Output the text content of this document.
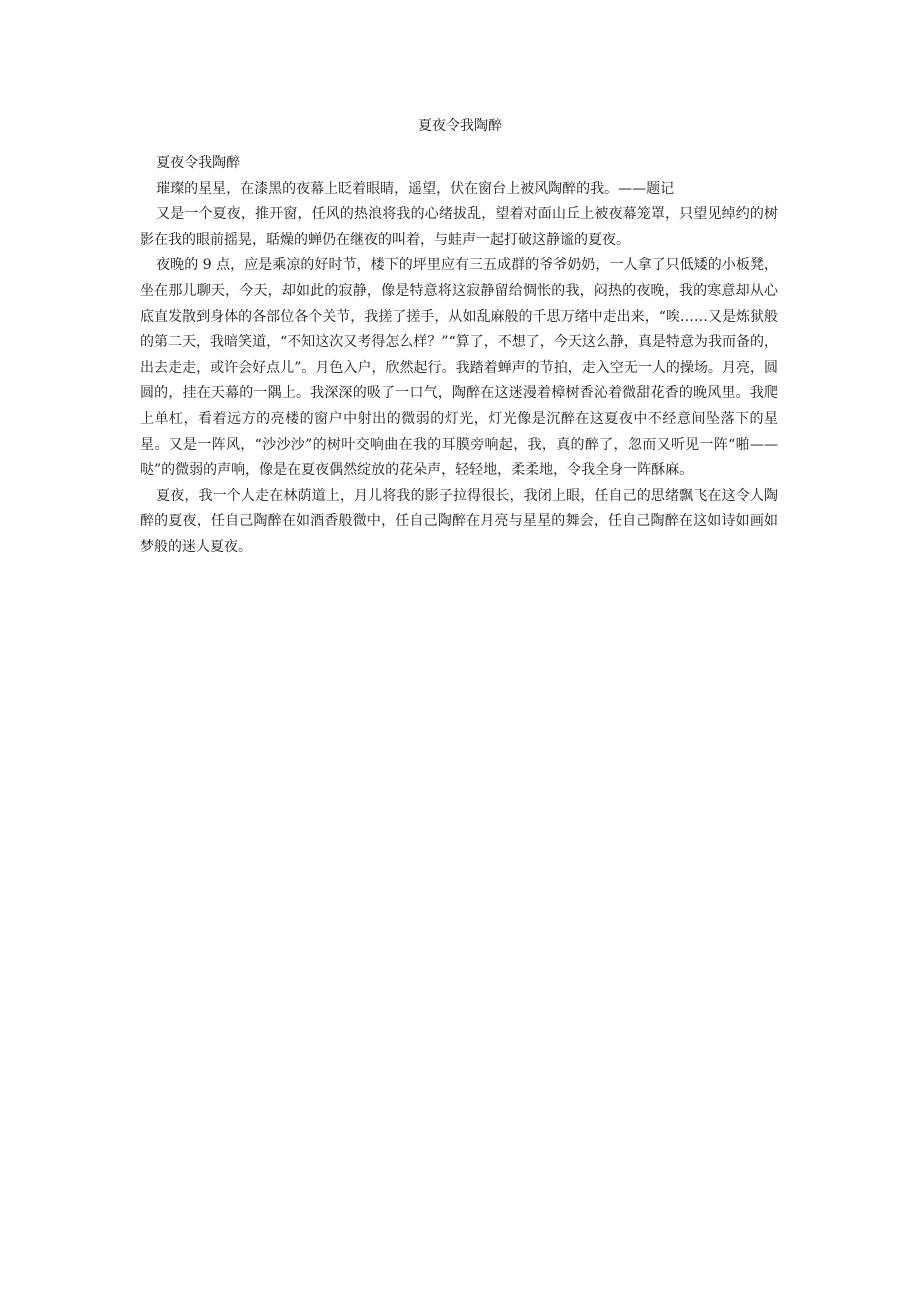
夏夜令我陶醉

夏夜令我陶醉

璀璨的星星，在漆黑的夜幕上眨着眼睛，遥望，伏在窗台上被风陶醉的我。——题记

又是一个夏夜，推开窗，任风的热浪将我的心绪拔乱，望着对面山丘上被夜幕笼罩，只望见绰约的树影在我的眼前摇晃，聒燥的蝉仍在继夜的叫着，与蛙声一起打破这静谧的夏夜。

夜晚的 9 点，应是乘凉的好时节，楼下的坪里应有三五成群的爷爷奶奶，一人拿了只低矮的小板凳，坐在那儿聊天，今天，却如此的寂静，像是特意将这寂静留给惆怅的我，闷热的夜晚，我的寒意却从心底直发散到身体的各部位各个关节，我搓了搓手，从如乱麻般的千思万绪中走出来，“唉……又是炼狱般的第二天，我暗笑道，“不知这次又考得怎么样？”“算了，不想了，今天这么静，真是特意为我而备的，出去走走，或许会好点儿”。月色入户，欣然起行。我踏着蝉声的节拍，走入空无一人的操场。月亮，圆圆的，挂在天幕的一隅上。我深深的吸了一口气，陶醉在这迷漫着樟树香沁着微甜花香的晚风里。我爬上单杠，看着远方的亮楼的窗户中射出的微弱的灯光，灯光像是沉醉在这夏夜中不经意间坠落下的星星。又是一阵风，“沙沙沙”的树叶交响曲在我的耳膜旁响起，我，真的醉了，忽而又听见一阵“啪——哒”的微弱的声响，像是在夏夜偶然绽放的花朵声，轻轻地，柔柔地，令我全身一阵酥麻。

夏夜，我一个人走在林荫道上，月儿将我的影子拉得很长，我闭上眼，任自己的思绪飘飞在这令人陶醉的夏夜，任自己陶醉在如酒香般微中，任自己陶醉在月亮与星星的舞会，任自己陶醉在这如诗如画如梦般的迷人夏夜。
